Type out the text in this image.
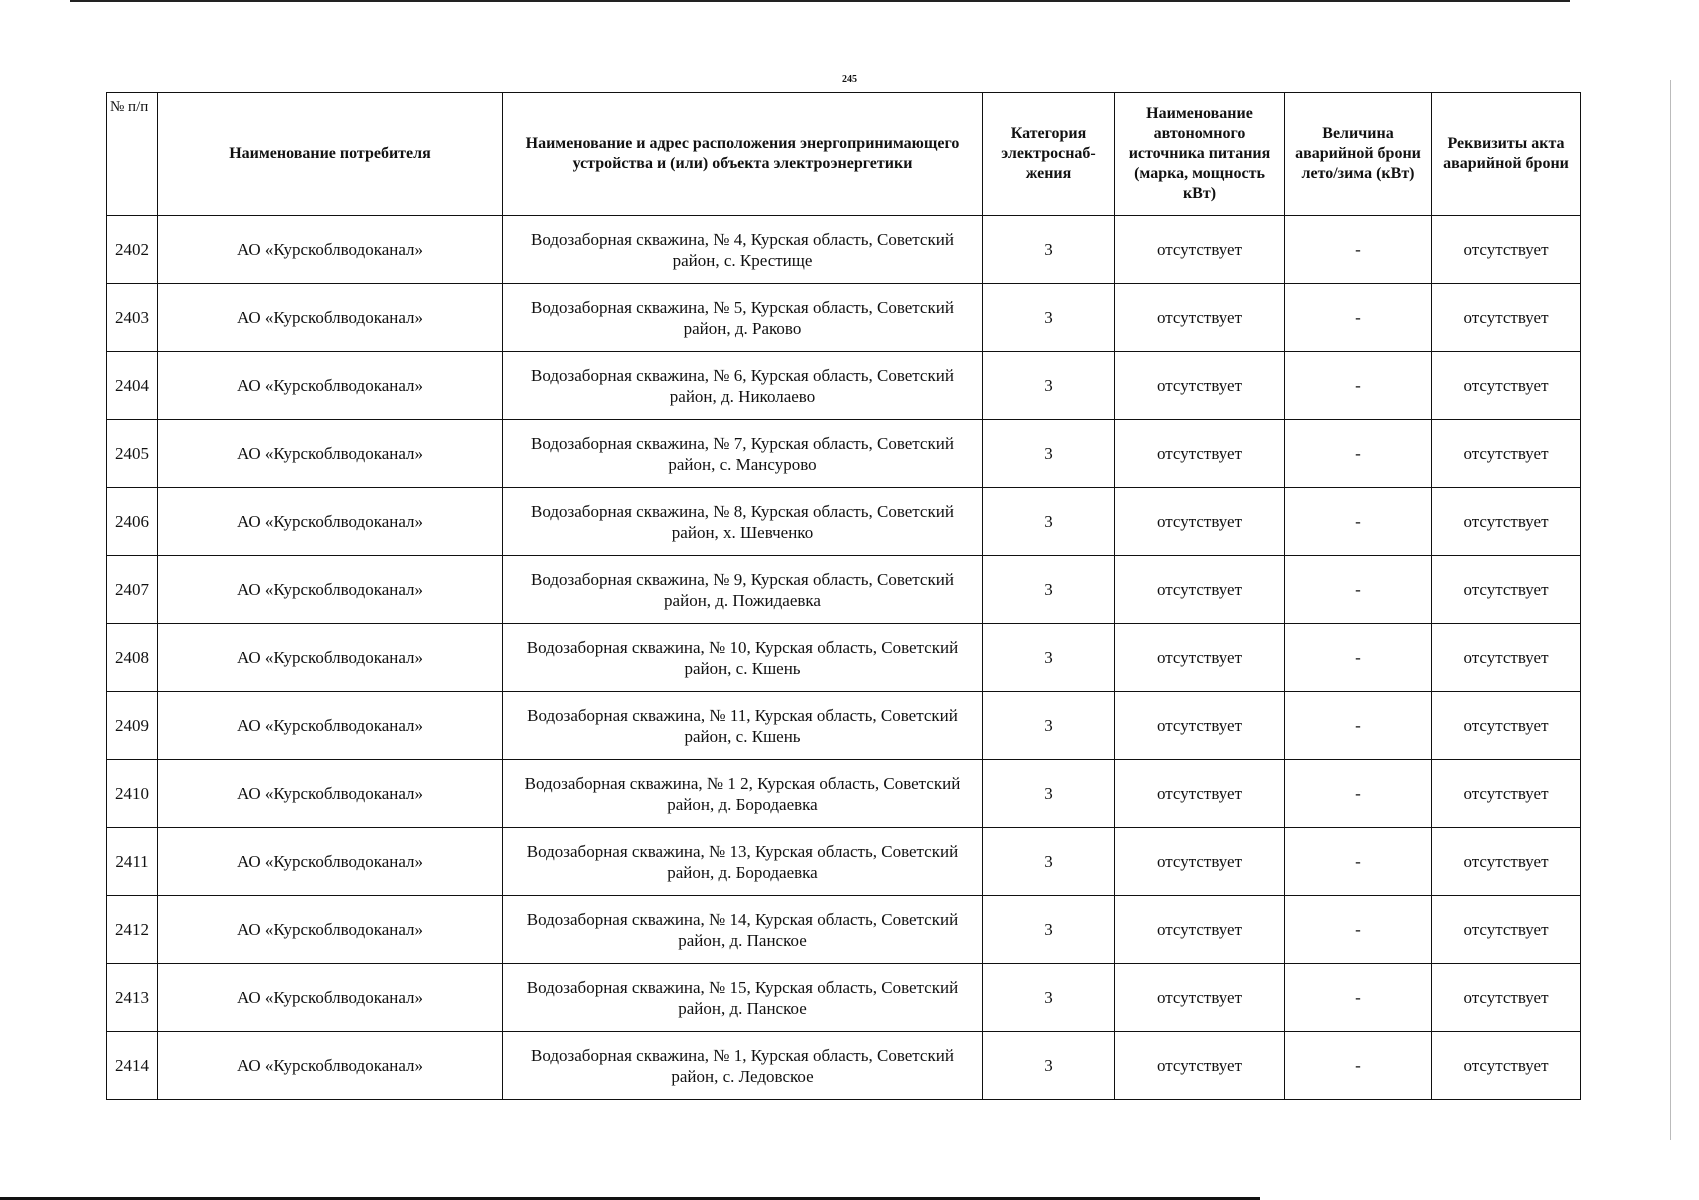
245
№ п/п	Наименование потребителя	Наименование и адрес расположения энергопринимающего устройства и (или) объекта электроэнергетики	Категория электроснаб-жения	Наименование автономного источника питания (марка, мощность кВт)	Величина аварийной брони лето/зима (кВт)	Реквизиты акта аварийной брони
2402	АО «Курскоблводоканал»	Водозаборная скважина, № 4, Курская область, Советский район, с. Крестище	3	отсутствует	-	отсутствует
2403	АО «Курскоблводоканал»	Водозаборная скважина, № 5, Курская область, Советский район, д. Раково	3	отсутствует	-	отсутствует
2404	АО «Курскоблводоканал»	Водозаборная скважина, № 6, Курская область, Советский район, д. Николаево	3	отсутствует	-	отсутствует
2405	АО «Курскоблводоканал»	Водозаборная скважина, № 7, Курская область, Советский район, с. Мансурово	3	отсутствует	-	отсутствует
2406	АО «Курскоблводоканал»	Водозаборная скважина, № 8, Курская область, Советский район, х. Шевченко	3	отсутствует	-	отсутствует
2407	АО «Курскоблводоканал»	Водозаборная скважина, № 9, Курская область, Советский район, д. Пожидаевка	3	отсутствует	-	отсутствует
2408	АО «Курскоблводоканал»	Водозаборная скважина, № 10, Курская область, Советский район, с. Кшень	3	отсутствует	-	отсутствует
2409	АО «Курскоблводоканал»	Водозаборная скважина, № 11, Курская область, Советский район, с. Кшень	3	отсутствует	-	отсутствует
2410	АО «Курскоблводоканал»	Водозаборная скважина, № 1 2, Курская область, Советский район, д. Бородаевка	3	отсутствует	-	отсутствует
2411	АО «Курскоблводоканал»	Водозаборная скважина, № 13, Курская область, Советский район, д. Бородаевка	3	отсутствует	-	отсутствует
2412	АО «Курскоблводоканал»	Водозаборная скважина, № 14, Курская область, Советский район, д. Панское	3	отсутствует	-	отсутствует
2413	АО «Курскоблводоканал»	Водозаборная скважина, № 15, Курская область, Советский район, д. Панское	3	отсутствует	-	отсутствует
2414	АО «Курскоблводоканал»	Водозаборная скважина, № 1, Курская область, Советский район, с. Ледовское	3	отсутствует	-	отсутствует
